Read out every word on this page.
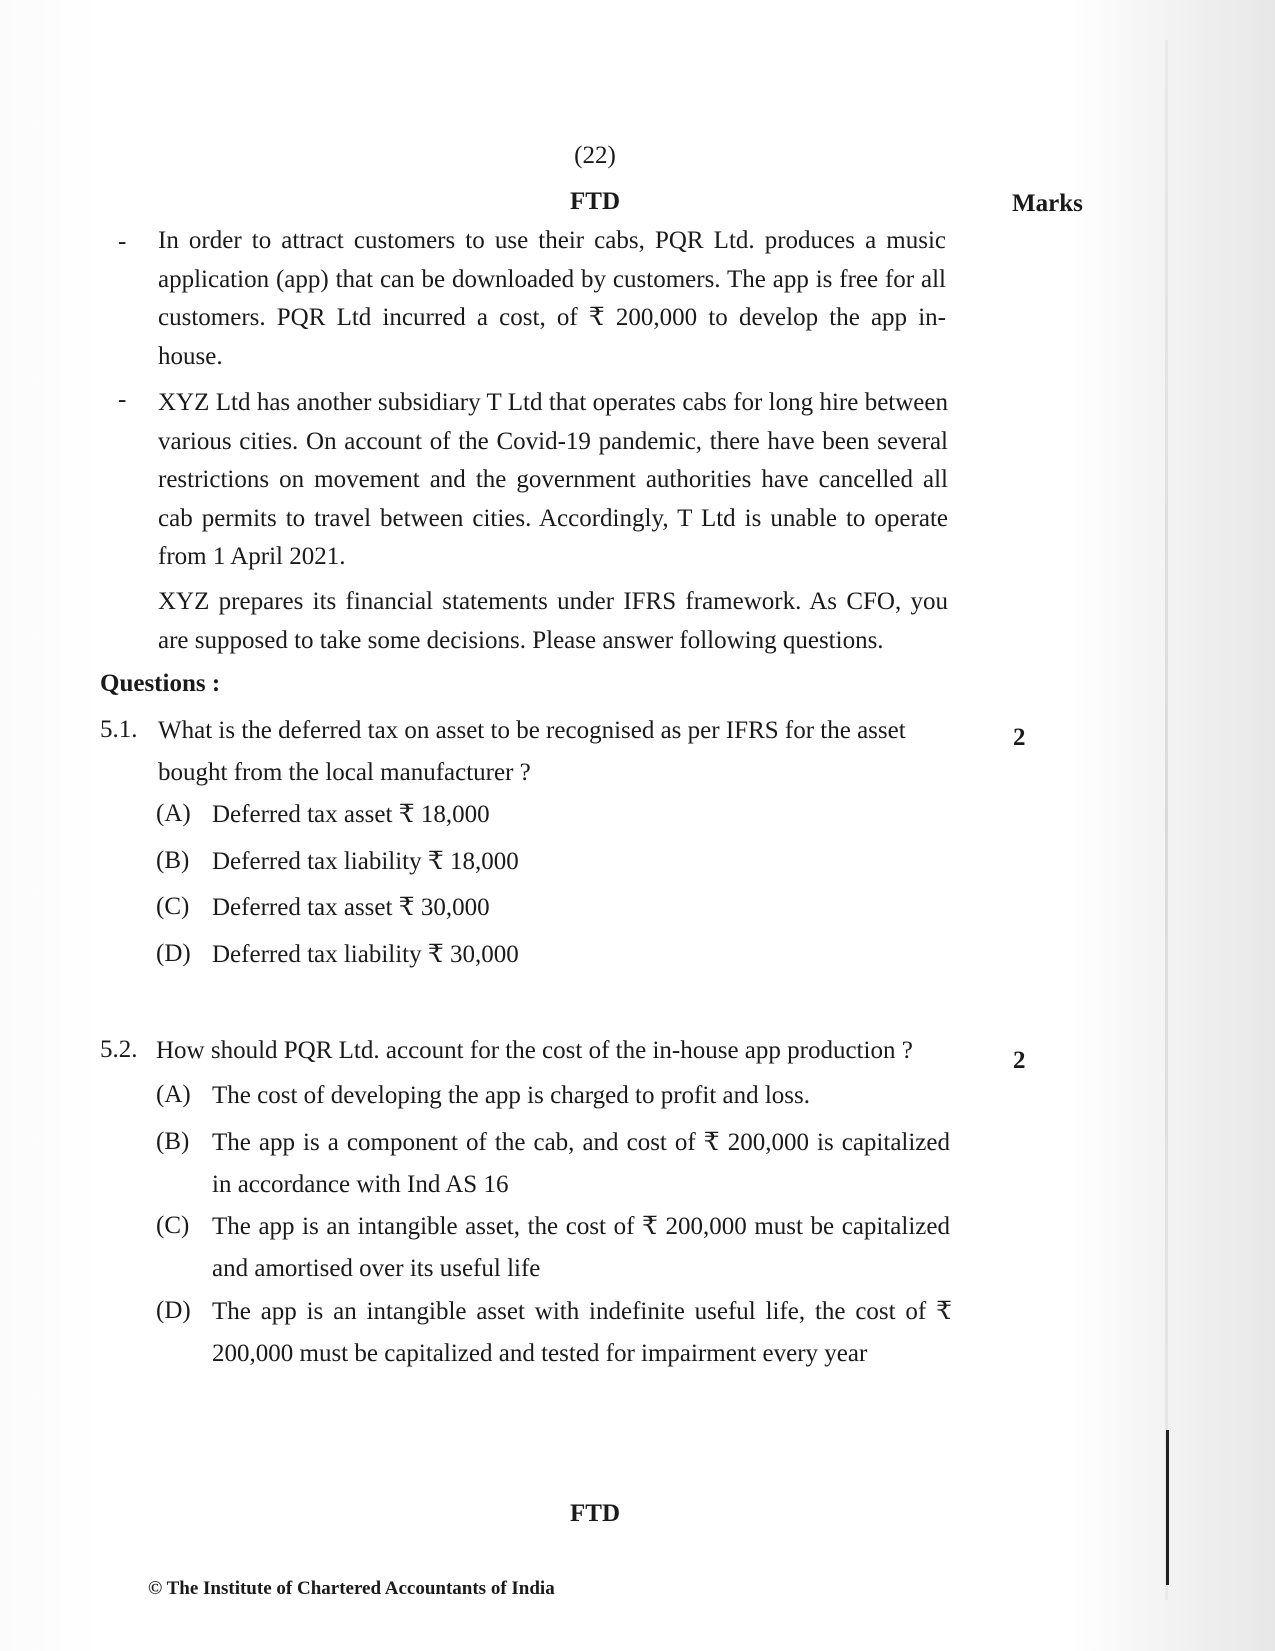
(22)
FTD	Marks
- In order to attract customers to use their cabs, PQR Ltd. produces a music application (app) that can be downloaded by customers. The app is free for all customers. PQR Ltd incurred a cost, of ₹ 200,000 to develop the app in-house.
- XYZ Ltd has another subsidiary T Ltd that operates cabs for long hire between various cities. On account of the Covid-19 pandemic, there have been several restrictions on movement and the government authorities have cancelled all cab permits to travel between cities. Accordingly, T Ltd is unable to operate from 1 April 2021.
XYZ prepares its financial statements under IFRS framework. As CFO, you are supposed to take some decisions. Please answer following questions.
Questions :
5.1. What is the deferred tax on asset to be recognised as per IFRS for the asset bought from the local manufacturer ?
2
(A) Deferred tax asset ₹ 18,000
(B) Deferred tax liability ₹ 18,000
(C) Deferred tax asset ₹ 30,000
(D) Deferred tax liability ₹ 30,000
5.2. How should PQR Ltd. account for the cost of the in-house app production ?	2
(A) The cost of developing the app is charged to profit and loss.
(B) The app is a component of the cab, and cost of ₹ 200,000 is capitalized in accordance with Ind AS 16
(C) The app is an intangible asset, the cost of ₹ 200,000 must be capitalized and amortised over its useful life
(D) The app is an intangible asset with indefinite useful life, the cost of ₹ 200,000 must be capitalized and tested for impairment every year
FTD
© The Institute of Chartered Accountants of India
